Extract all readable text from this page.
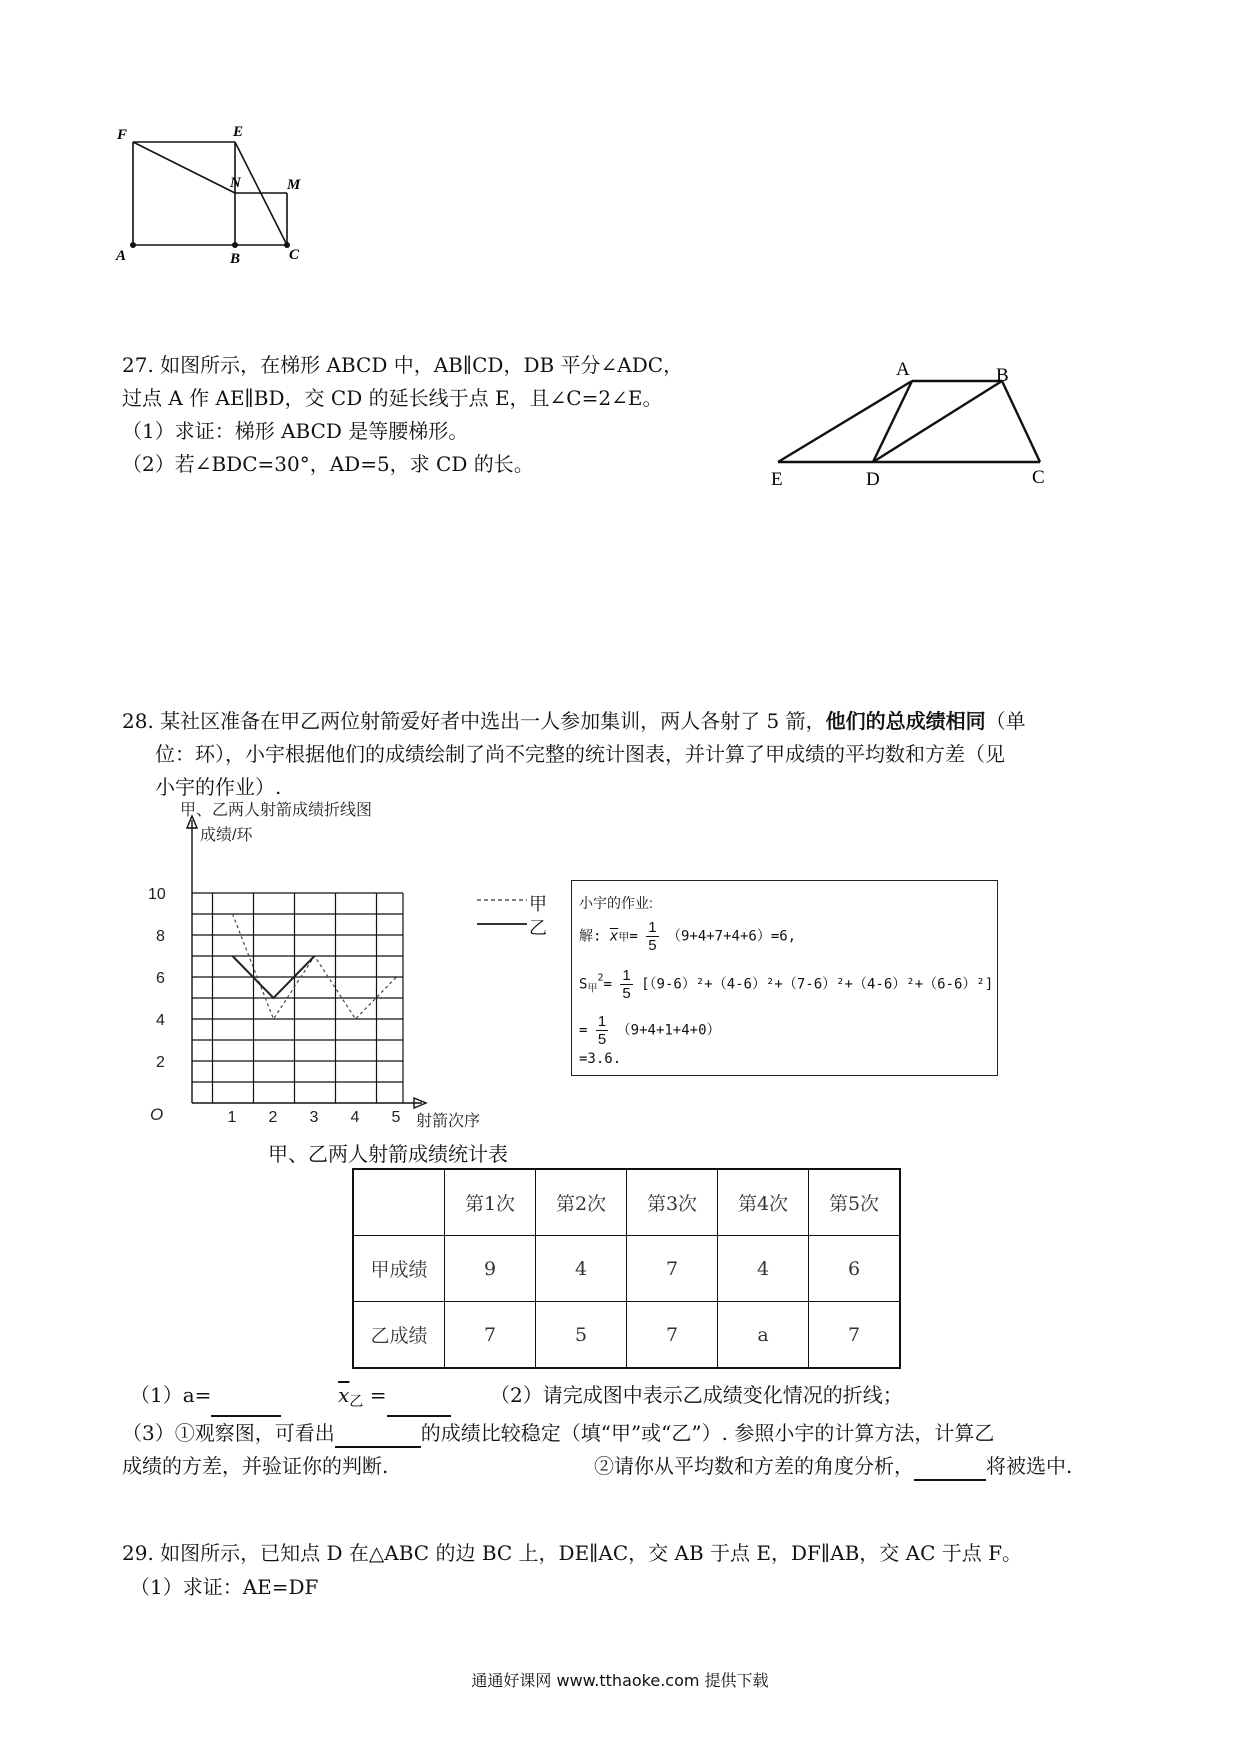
F	E
N	M
A	B	C
27. 如图所示，在梯形 ABCD 中，AB∥CD，DB 平分∠ADC，
过点 A 作 AE∥BD，交 CD 的延长线于点 E，且∠C=2∠E。
（1）求证：梯形 ABCD 是等腰梯形。
（2）若∠BDC=30°，AD=5，求 CD 的长。
A	B
E	D	C
28. 某社区准备在甲乙两位射箭爱好者中选出一人参加集训，两人各射了 5 箭，他们的总成绩相同（单
位：环），小宇根据他们的成绩绘制了尚不完整的统计图表，并计算了甲成绩的平均数和方差（见
小宇的作业）.
甲、乙两人射箭成绩折线图
成绩/环
射箭次序
O
2
4
6
8
10
1 2 3 4 5
甲
乙
小宇的作业:
解: $\overline{x}$甲= $\frac{1}{5} (9+4+7+4+6)=6$,
$S_甲^2= \frac{1}{5} [(9-6)^2+(4-6)^2+(7-6)^2+(4-6)^2+(6-6)^2]$
= $\frac{1}{5} (9+4+1+4+0)$
=3.6.
甲、乙两人射箭成绩统计表
	第1次	第2次	第3次	第4次	第5次
甲成绩	9	4	7	4	6
乙成绩	7	5	7	a	7
（1）a=	$\overline{x}_乙$ =	（2）请完成图中表示乙成绩变化情况的折线；
（3）①观察图，可看出	的成绩比较稳定（填“甲”或“乙”）. 参照小宇的计算方法，计算乙
成绩的方差，并验证你的判断.	②请你从平均数和方差的角度分析，	将被选中.
29. 如图所示，已知点 D 在△ABC 的边 BC 上，DE∥AC，交 AB 于点 E，DF∥AB，交 AC 于点 F。
（1）求证：AE=DF
通通好课网 www.tthaoke.com 提供下载
